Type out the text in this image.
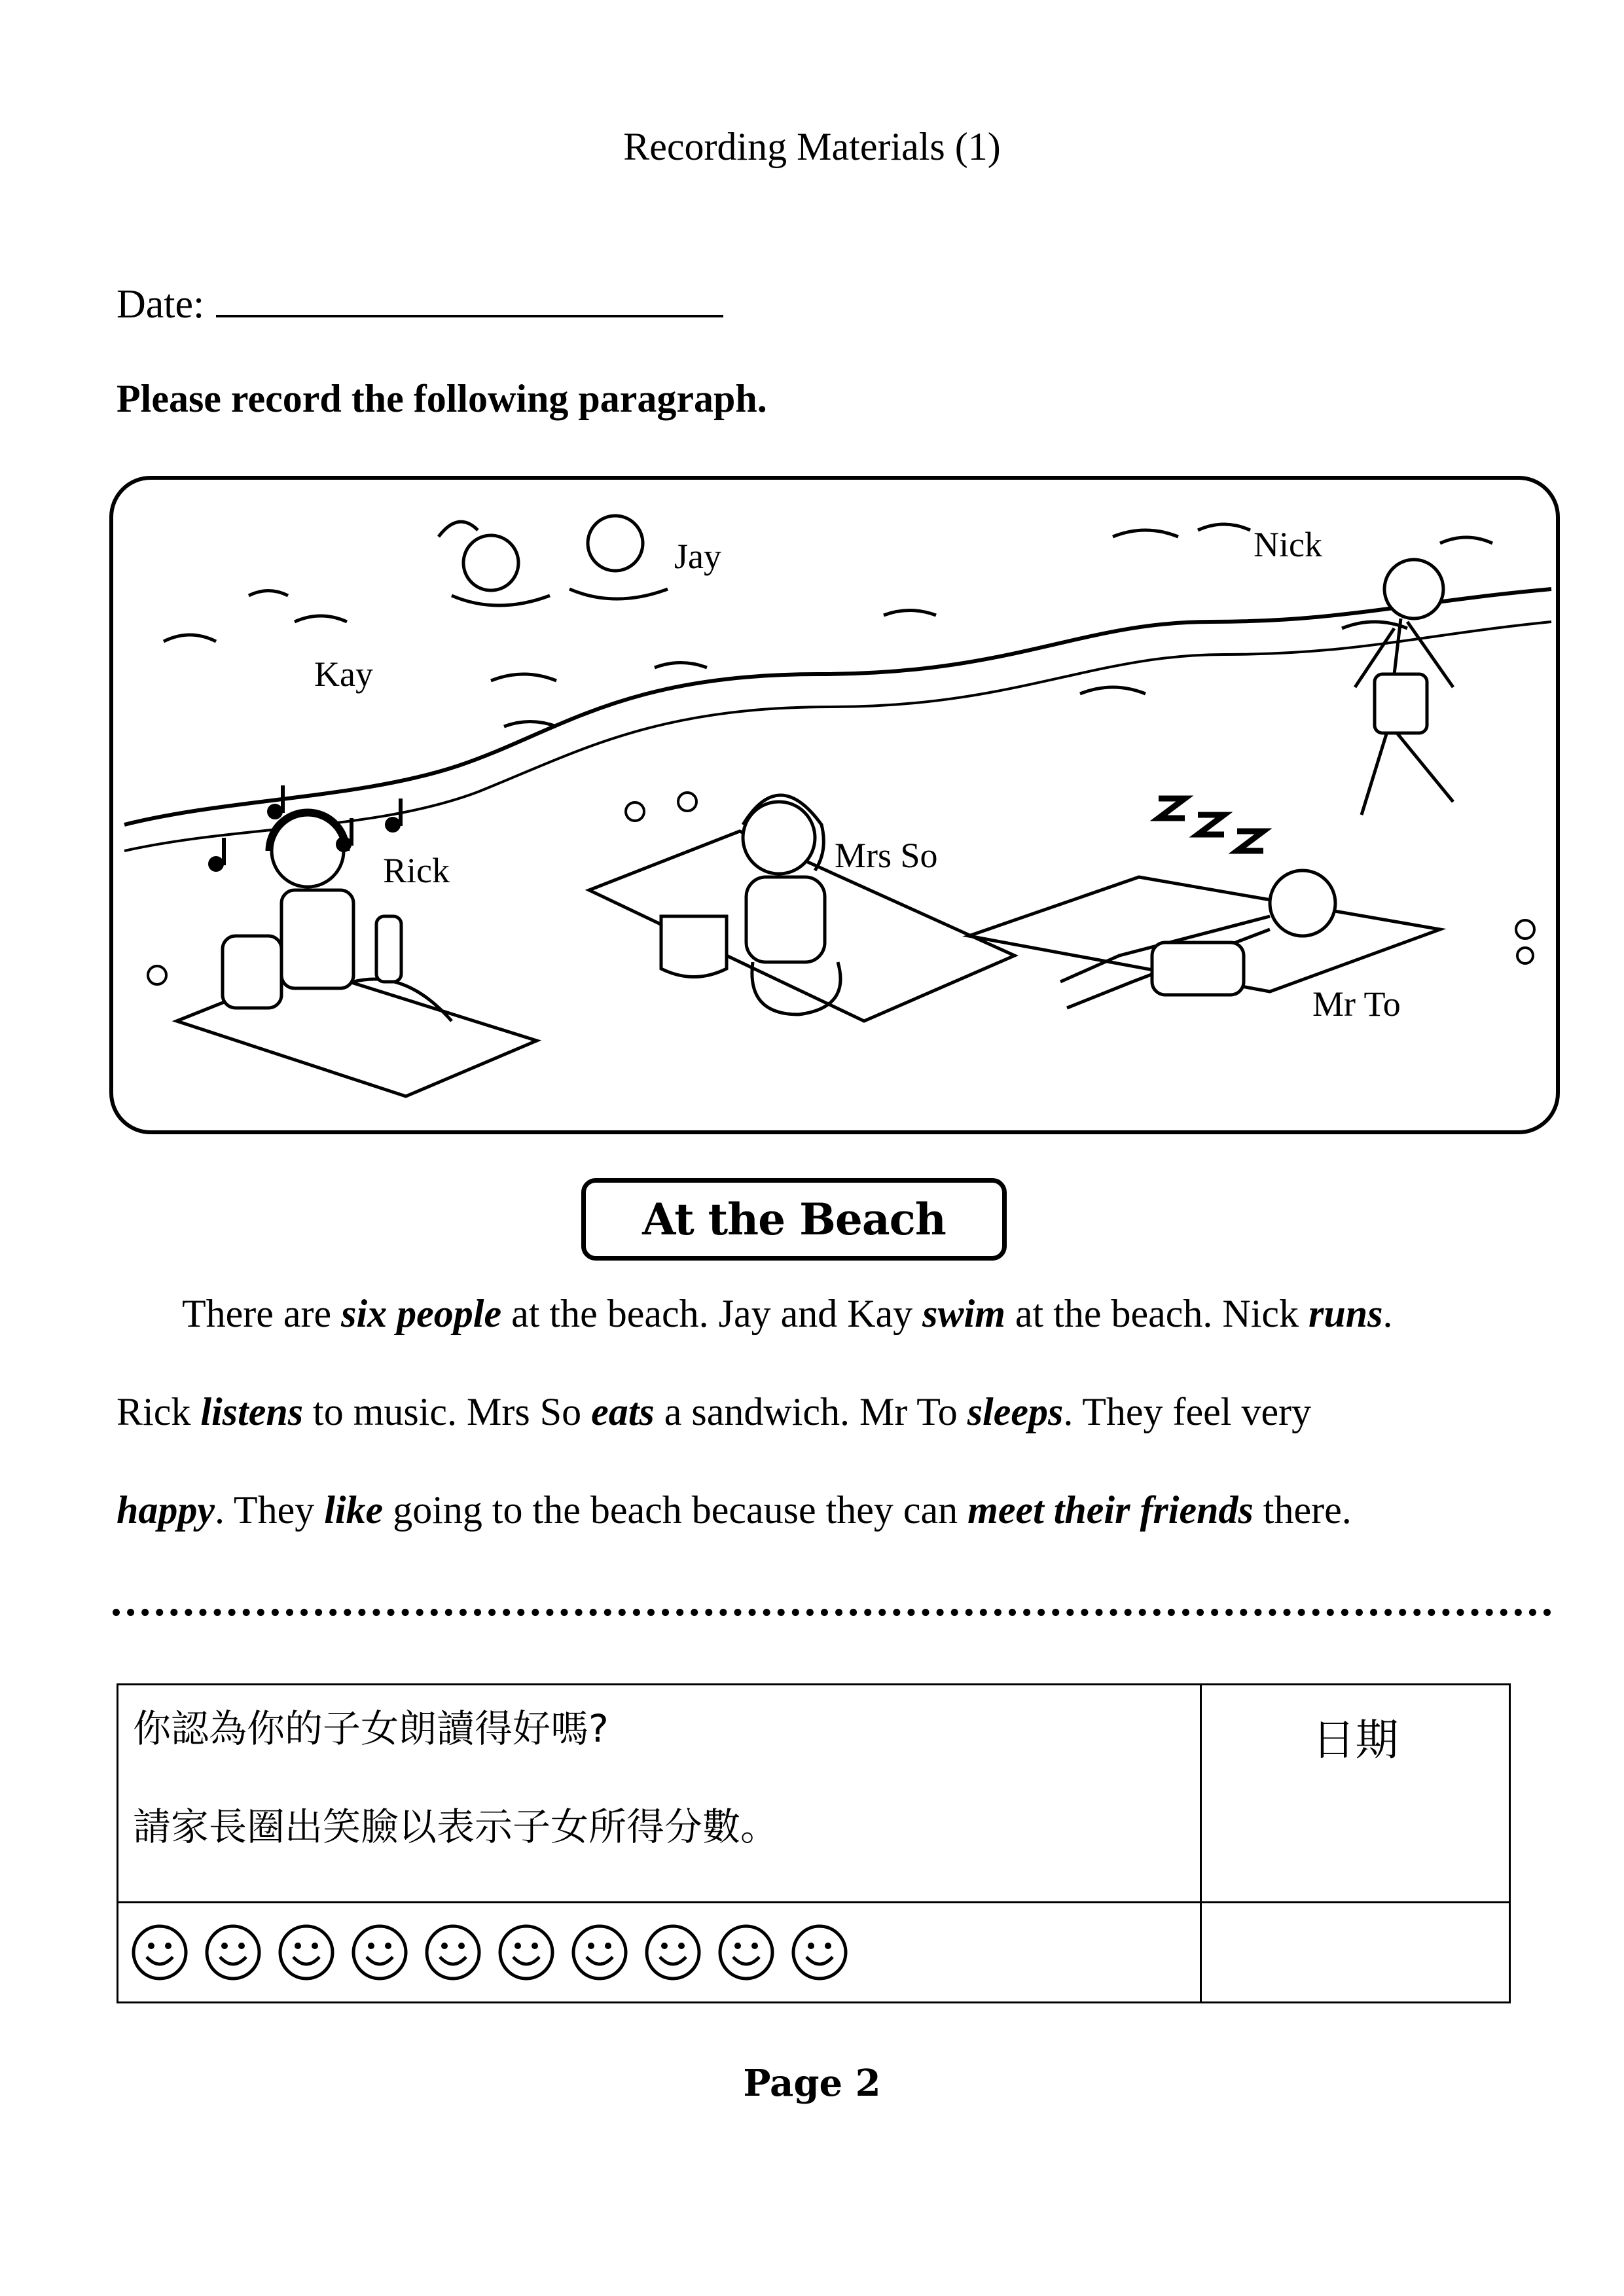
Recording Materials (1)
Date:
Please record the following paragraph.
Jay	Nick
Kay
Rick	Mrs So
Mr To
At the Beach
There are six people at the beach. Jay and Kay swim at the beach. Nick runs.
Rick listens to music. Mrs So eats a sandwich. Mr To sleeps. They feel very
happy. They like going to the beach because they can meet their friends there.
你認為你的子女朗讀得好嗎?
請家長圈出笑臉以表示子女所得分數。	日期

Page 2
